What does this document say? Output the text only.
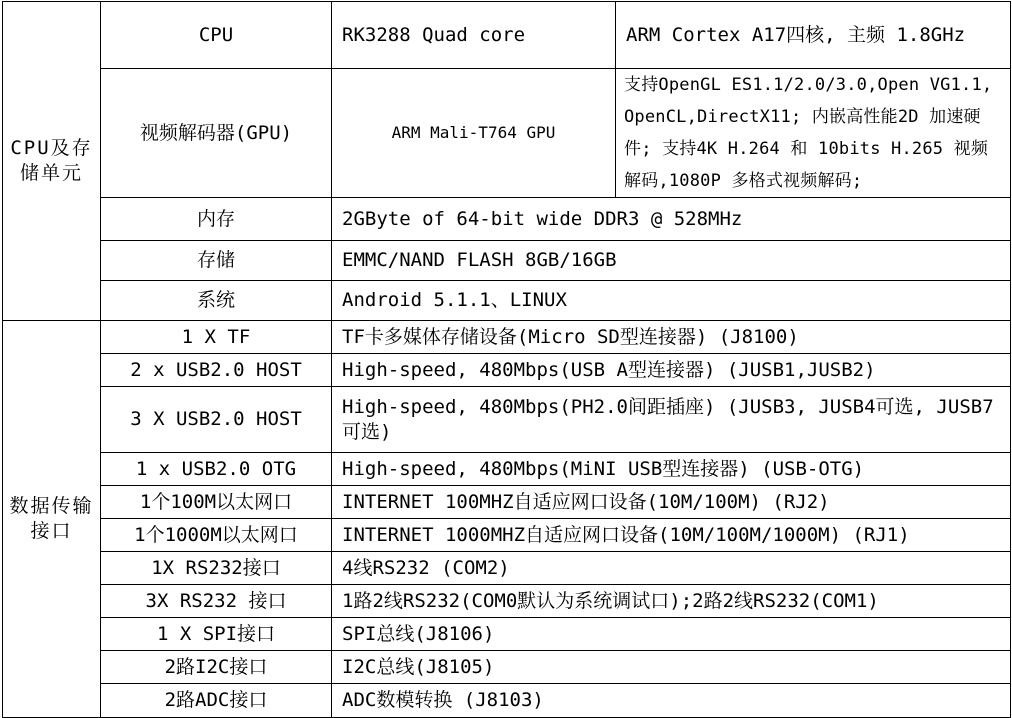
CPU及存储单元	CPU	RK3288 Quad core	ARM Cortex A17四核, 主频 1.8GHz
	视频解码器(GPU)	ARM Mali-T764 GPU	支持OpenGL ES1.1/2.0/3.0,Open VG1.1, OpenCL,DirectX11; 内嵌高性能2D 加速硬件; 支持4K H.264 和 10bits H.265 视频解码,1080P 多格式视频解码;
	内存	2GByte of 64-bit wide DDR3 @ 528MHz	
	存储	EMMC/NAND FLASH 8GB/16GB	
	系统	Android 5.1.1、LINUX	
数据传输接口	1 X TF	TF卡多媒体存储设备(Micro SD型连接器) (J8100)	
	2 x USB2.0 HOST	High-speed, 480Mbps(USB A型连接器) (JUSB1,JUSB2)	
	3 X USB2.0 HOST	High-speed, 480Mbps(PH2.0间距插座) (JUSB3, JUSB4可选, JUSB7可选)	
	1 x USB2.0 OTG	High-speed, 480Mbps(MiNI USB型连接器) (USB-OTG)	
	1个100M以太网口	INTERNET 100MHZ自适应网口设备(10M/100M) (RJ2)	
	1个1000M以太网口	INTERNET 1000MHZ自适应网口设备(10M/100M/1000M) (RJ1)	
	1X RS232接口	4线RS232 (COM2)	
	3X RS232 接口	1路2线RS232(COM0默认为系统调试口);2路2线RS232(COM1)	
	1 X SPI接口	SPI总线(J8106)	
	2路I2C接口	I2C总线(J8105)	
	2路ADC接口	ADC数模转换 (J8103)	
